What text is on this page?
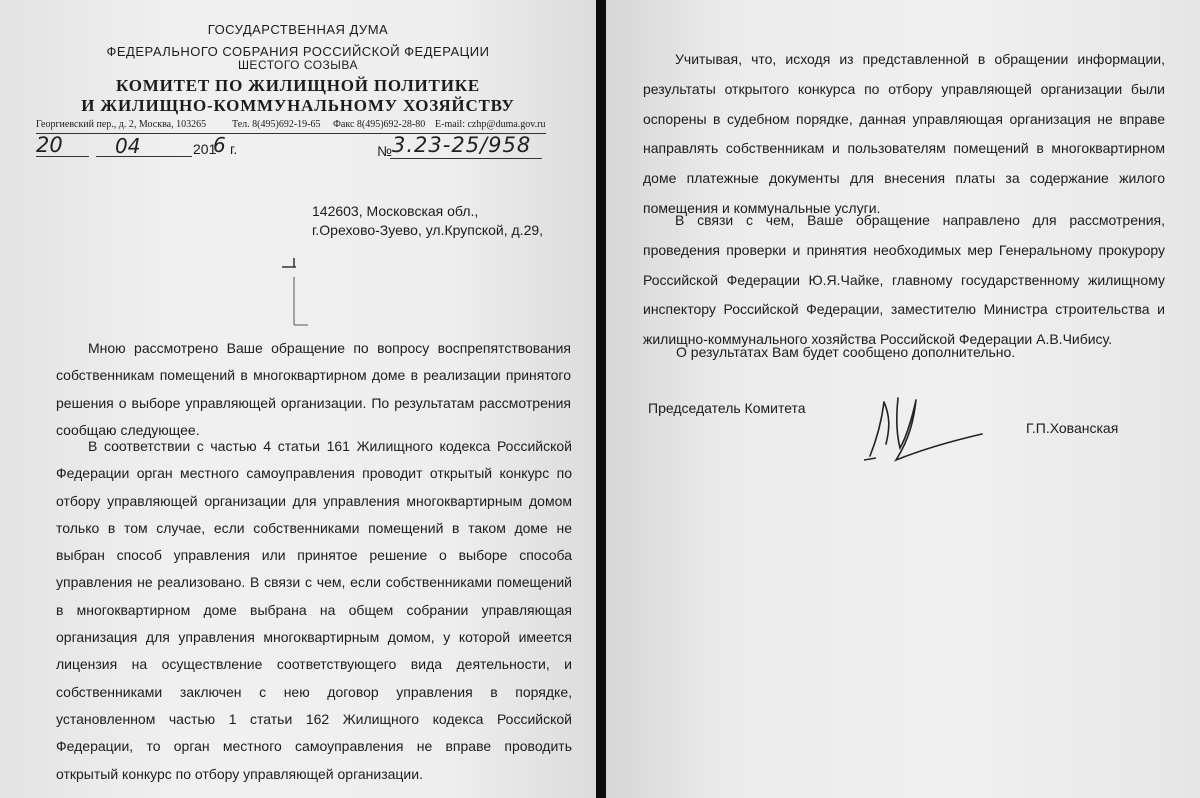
ГОСУДАРСТВЕННАЯ ДУМА
ФЕДЕРАЛЬНОГО СОБРАНИЯ РОССИЙСКОЙ ФЕДЕРАЦИИ
ШЕСТОГО СОЗЫВА
КОМИТЕТ ПО ЖИЛИЩНОЙ ПОЛИТИКЕ
И ЖИЛИЩНО-КОММУНАЛЬНОМУ ХОЗЯЙСТВУ
Георгиевский пер., д. 2, Москва, 103265	Тел. 8(495)692-19-65 Факс 8(495)692-28-80 E-mail: czhp@duma.gov.ru
20	04	201
6 г.	№ 3.23-25/958
142603, Московская обл.,
г.Орехово-Зуево, ул.Крупской, д.29,

Мною рассмотрено Ваше обращение по вопросу воспрепятствования собственникам помещений в многоквартирном доме в реализации принятого решения о выборе управляющей организации. По результатам рассмотрения сообщаю следующее.

В соответствии с частью 4 статьи 161 Жилищного кодекса Российской Федерации орган местного самоуправления проводит открытый конкурс по отбору управляющей организации для управления многоквартирным домом только в том случае, если собственниками помещений в таком доме не выбран способ управления или принятое решение о выборе способа управления не реализовано. В связи с чем, если собственниками помещений в многоквартирном доме выбрана на общем собрании управляющая организация для управления многоквартирным домом, у которой имеется лицензия на осуществление соответствующего вида деятельности, и собственниками заключен с нею договор управления в порядке, установленном частью 1 статьи 162 Жилищного кодекса Российской Федерации, то орган местного самоуправления не вправе проводить открытый конкурс по отбору управляющей организации.

Учитывая, что, исходя из представленной в обращении информации, результаты открытого конкурса по отбору управляющей организации были оспорены в судебном порядке, данная управляющая организация не вправе направлять собственникам и пользователям помещений в многоквартирном доме платежные документы для внесения платы за содержание жилого помещения и коммунальные услуги.

В связи с чем, Ваше обращение направлено для рассмотрения, проведения проверки и принятия необходимых мер Генеральному прокурору Российской Федерации Ю.Я.Чайке, главному государственному жилищному инспектору Российской Федерации, заместителю Министра строительства и жилищно-коммунального хозяйства Российской Федерации А.В.Чибису.

О результатах Вам будет сообщено дополнительно.
Председатель Комитета
Г.П.Хованская
